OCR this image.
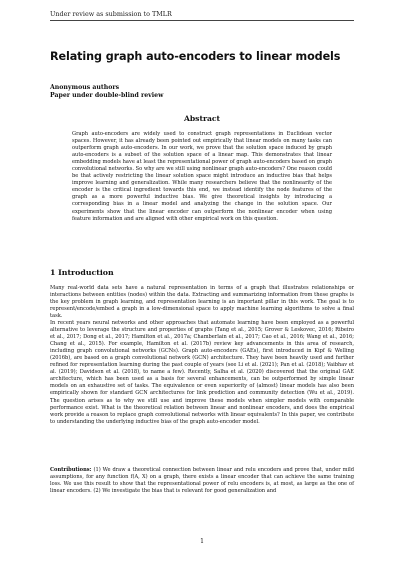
Under review as submission to TMLR
Relating graph auto-encoders to linear models
Anonymous authors
Paper under double-blind review
Abstract
Graph auto-encoders are widely used to construct graph representations in Euclidean vector spaces. However, it has already been pointed out empirically that linear models on many tasks can outperform graph auto-encoders. In our work, we prove that the solution space induced by graph auto-encoders is a subset of the solution space of a linear map. This demonstrates that linear embedding models have at least the representational power of graph auto-encoders based on graph convolutional networks. So why are we still using nonlinear graph auto-encoders? One reason could be that actively restricting the linear solution space might introduce an inductive bias that helps improve learning and generalization. While many researchers believe that the nonlinearity of the encoder is the critical ingredient towards this end, we instead identify the node features of the graph as a more powerful inductive bias. We give theoretical insights by introducing a corresponding bias in a linear model and analyzing the change in the solution space. Our experiments show that the linear encoder can outperform the nonlinear encoder when using feature information and are aligned with other empirical work on this question.
1 Introduction
Many real-world data sets have a natural representation in terms of a graph that illustrates relationships or interactions between entities (nodes) within the data. Extracting and summarizing information from these graphs is the key problem in graph learning, and representation learning is an important pillar in this work. The goal is to represent/encode/embed a graph in a low-dimensional space to apply machine learning algorithms to solve a final task.
In recent years neural networks and other approaches that automate learning have been employed as a powerful alternative to leverage the structure and properties of graphs (Tang et al., 2015; Grover & Leskovec, 2016; Ribeiro et al., 2017; Dong et al., 2017; Hamilton et al., 2017a; Chamberlain et al., 2017; Cao et al., 2016; Wang et al., 2016; Chang et al., 2015). For example, Hamilton et al. (2017b) review key advancements in this area of research, including graph convolutional networks (GCNs). Graph auto-encoders (GAEs), first introduced in Kipf & Welling (2016b), are based on a graph convolutional network (GCN) architecture. They have been heavily used and further refined for representation learning during the past couple of years (see Li et al. (2021); Pan et al. (2018); Vaibhav et al. (2019); Davidson et al. (2018), to name a few). Recently, Salha et al. (2020) discovered that the original GAE architecture, which has been used as a basis for several enhancements, can be outperformed by simple linear models on an exhaustive set of tasks. The equivalence or even superiority of (almost) linear models has also been empirically shown for standard GCN architectures for link prediction and community detection (Wu et al., 2019). The question arises as to why we still use and improve these models when simpler models with comparable performance exist. What is the theoretical relation between linear and nonlinear encoders, and does the empirical work provide a reason to replace graph convolutional networks with linear equivalents? In this paper, we contribute to understanding the underlying inductive bias of the graph auto-encoder model.
Contributions: (1) We draw a theoretical connection between linear and relu encoders and prove that, under mild assumptions, for any function f(A, X) on a graph, there exists a linear encoder that can achieve the same training loss. We use this result to show that the representational power of relu encoders is, at most, as large as the one of linear encoders. (2) We investigate the bias that is relevant for good generalization and
1
